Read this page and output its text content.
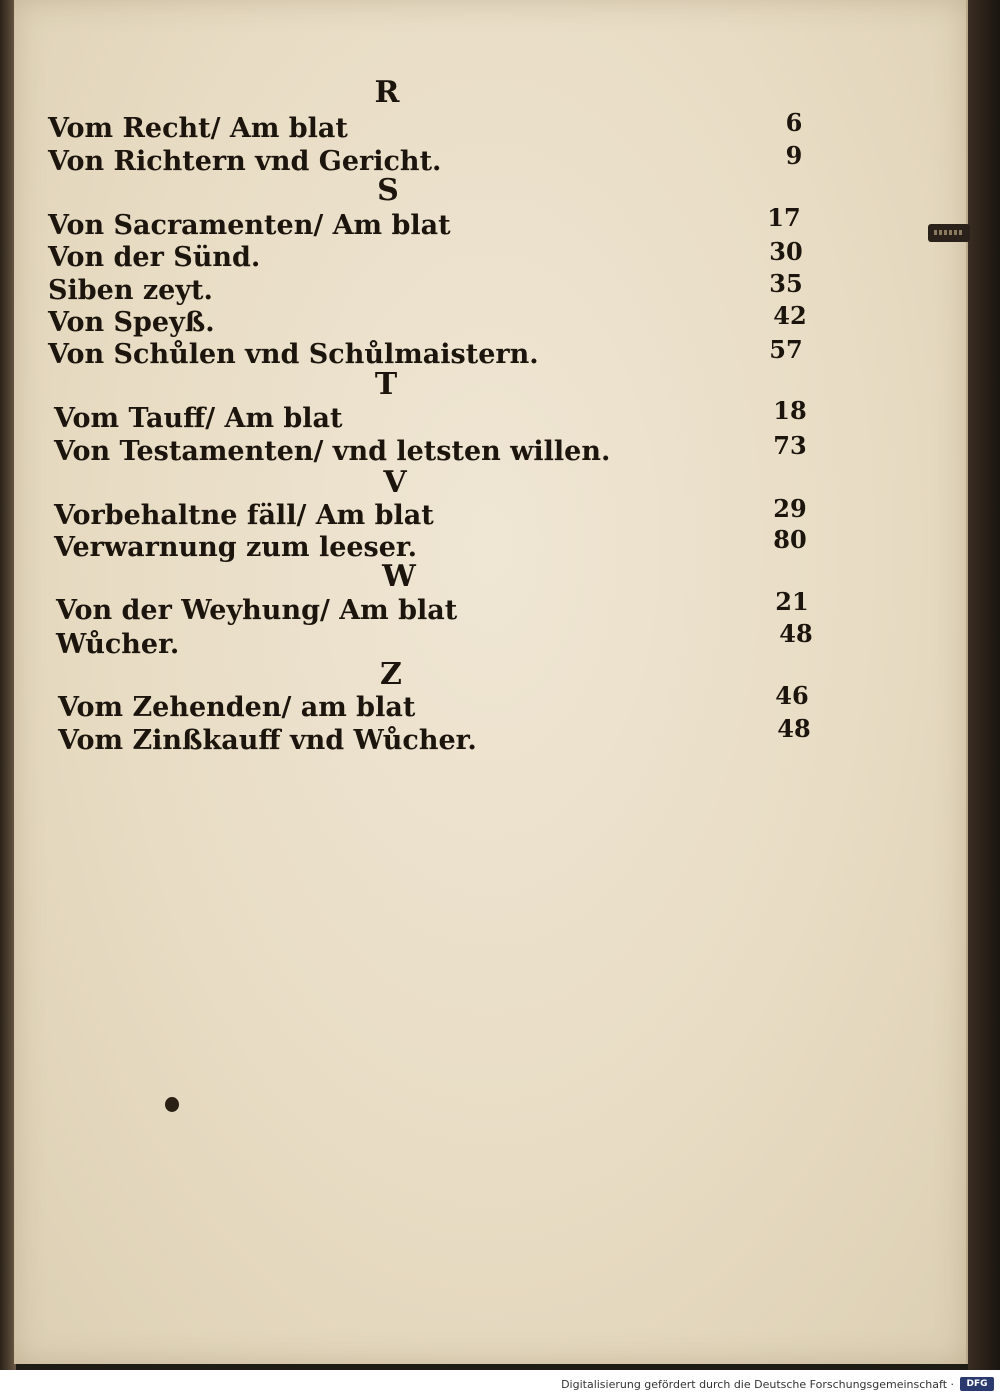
R
Vom Recht/ Am blat	6
Von Richtern vnd Gericht.	9
S
Von Sacramenten/ Am blat	17
Von der Sünd.	30
Siben zeyt.	35
Von Speyß.	42
Von Schůlen vnd Schůlmaistern.	57
T
Vom Tauff/ Am blat	18
Von Testamenten/ vnd letsten willen.	73
V
Vorbehaltne fäll/ Am blat	29
Verwarnung zum leeser.	80
W
Von der Weyhung/ Am blat	21
Wůcher.	48
Z
Vom Zehenden/ am blat	46
Vom Zinßkauff vnd Wůcher.	48
Digitalisierung gefördert durch die Deutsche Forschungsgemeinschaft ·	DFG
